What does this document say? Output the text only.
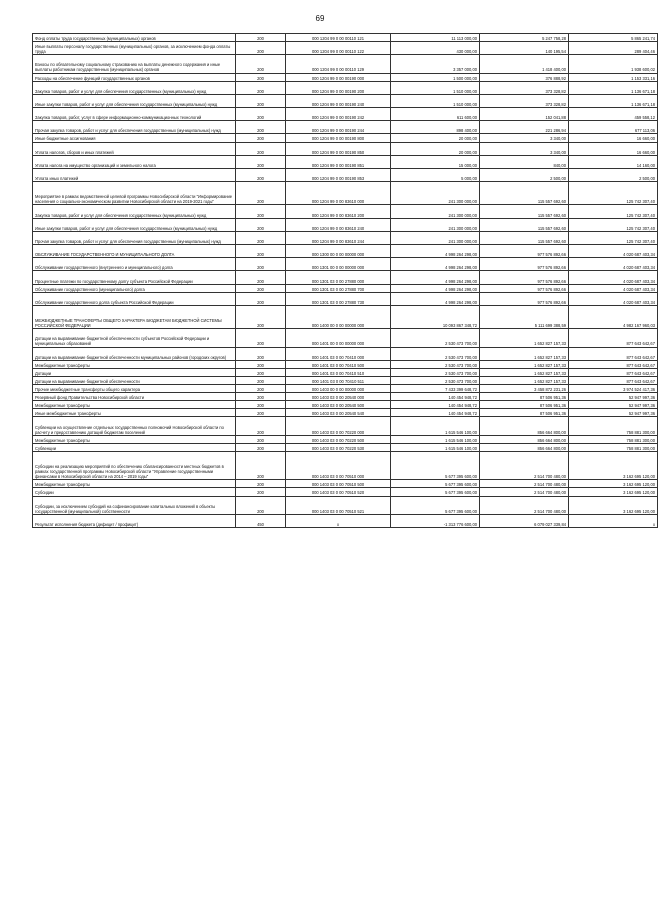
69
Фонд оплаты труда государственных (муниципальных) органов	200	000 1204 99 0 00 00110 121	11 113 000,00	5 247 758,28	5 865 241,74
Иные выплаты персоналу государственных (муниципальных) органов, за исключением фонда оплаты труда	200	000 1204 99 0 00 00110 122	430 000,00	140 195,54	289 404,46
Взносы по обязательному социальному страхованию на выплаты денежного содержания и иные выплаты работникам государственных (муниципальных) органов	200	000 1204 99 0 00 00110 129	3 357 000,00	1 418 400,00	1 938 600,02
Расходы на обеспечение функций государственных органов	200	000 1204 99 0 00 00190 000	1 500 000,00	376 888,92	1 153 331,16
Закупка товаров, работ и услуг для обеспечения государственных (муниципальных) нужд	200	000 1204 99 0 00 00190 200	1 510 000,00	373 328,82	1 136 671,18
Иные закупки товаров, работ и услуг для обеспечения государственных (муниципальных) нужд	200	000 1204 99 0 00 00190 240	1 510 000,00	373 328,82	1 136 671,18
Закупка товаров, работ, услуг в сфере информационно-коммуникационных технологий	200	000 1204 99 0 00 00190 242	611 600,00	152 041,88	459 558,12
Прочая закупка товаров, работ и услуг для обеспечения государственных (муниципальных) нужд	200	000 1204 99 0 00 00190 244	898 400,00	221 286,94	677 113,06
Иные бюджетные ассигнования	200	000 1204 99 0 00 00190 800	20 000,00	3 340,00	16 660,00
Уплата налогов, сборов и иных платежей	200	000 1204 99 0 00 00190 850	20 000,00	3 340,00	16 660,00
Уплата налога на имущество организаций и земельного налога	200	000 1204 99 0 00 00190 851	15 000,00	840,00	14 160,00
Уплата иных платежей	200	000 1204 99 0 00 00190 853	5 000,00	2 500,00	2 500,00
Мероприятие в рамках ведомственной целевой программы Новосибирской области "Информирование населения о социально-экономическом развитии Новосибирской области на 2019-2021 годы"	200	000 1204 99 0 00 83610 000	241 300 000,00	115 557 692,60	125 742 307,40
Закупка товаров, работ и услуг для обеспечения государственных (муниципальных) нужд	200	000 1204 99 0 00 83610 200	241 300 000,00	115 557 692,60	125 742 307,40
Иные закупки товаров, работ и услуг для обеспечения государственных (муниципальных) нужд	200	000 1204 99 0 00 83610 240	241 300 000,00	115 557 692,60	125 742 307,40
Прочая закупка товаров, работ и услуг для обеспечения государственных (муниципальных) нужд	200	000 1204 99 0 00 83610 244	241 300 000,00	115 557 692,60	125 742 307,40
ОБСЛУЖИВАНИЕ ГОСУДАРСТВЕННОГО И МУНИЦИПАЛЬНОГО ДОЛГА	200	000 1300 00 0 00 00000 000	4 998 264 298,00	977 576 892,66	4 020 687 403,34
Обслуживание государственного (внутреннего и муниципального) долга	200	000 1301 00 0 00 00000 000	4 998 264 298,00	977 576 892,66	4 020 687 403,34
Процентные платежи по государственному долгу субъекта Российской Федерации	200	000 1301 03 0 00 27880 000	4 998 264 298,00	977 576 892,66	4 020 687 403,34
Обслуживание государственного (муниципального) долга	200	000 1301 03 0 00 27880 700	4 998 264 298,00	977 576 892,66	4 020 687 403,34
Обслуживание государственного долга субъекта Российской Федерации	200	000 1301 03 0 00 27880 730	4 998 264 298,00	977 576 892,66	4 020 687 403,34
МЕЖБЮДЖЕТНЫЕ ТРАНСФЕРТЫ ОБЩЕГО ХАРАКТЕРА БЮДЖЕТАМ БЮДЖЕТНОЙ СИСТЕМЫ РОССИЙСКОЙ ФЕДЕРАЦИИ	200	000 1400 00 0 00 00000 000	10 093 867 348,72	5 111 699 388,59	4 982 167 960,03
Дотации на выравнивание бюджетной обеспеченности субъектов Российской Федерации и муниципальных образований	200	000 1401 00 0 00 00000 000	2 530 473 700,00	1 652 827 157,33	877 643 642,67
Дотации на выравнивание бюджетной обеспеченности муниципальных районов (городских округов)	200	000 1401 03 0 00 70410 000	2 530 473 700,00	1 652 827 157,33	877 643 642,67
Межбюджетные трансферты	200	000 1401 03 0 00 70410 500	2 530 473 700,00	1 652 827 157,33	877 643 642,67
Дотации	200	000 1401 03 0 00 70410 510	2 530 473 700,00	1 652 827 157,33	877 643 642,67
Дотации на выравнивание бюджетной обеспеченности	200	000 1401 03 0 00 70410 511	2 530 473 700,00	1 652 827 157,33	877 643 642,67
Прочие межбюджетные трансферты общего характера	200	000 1403 00 0 00 00000 000	7 433 399 648,72	3 458 872 231,26	3 974 524 417,36
Резервный фонд Правительства Новосибирской области	200	000 1403 03 0 00 20540 000	140 454 948,72	87 506 951,36	52 947 997,36
Межбюджетные трансферты	200	000 1403 03 0 00 20540 500	140 454 948,72	87 506 951,36	52 947 997,36
Иные межбюджетные трансферты	200	000 1403 03 0 00 20540 540	140 454 948,72	87 506 951,36	52 947 997,36
Субвенции на осуществление отдельных государственных полномочий Новосибирской области по расчету и предоставлению дотаций бюджетам поселений	200	000 1403 03 0 00 70220 000	1 615 546 100,00	856 664 800,00	758 881 300,00
Межбюджетные трансферты	200	000 1403 03 0 00 70220 500	1 615 546 100,00	856 664 800,00	758 881 300,00
Субвенции	200	000 1403 03 0 00 70220 530	1 615 546 100,00	856 664 800,00	758 881 300,00
Субсидии на реализацию мероприятий по обеспечению сбалансированности местных бюджетов в рамках государственной программы Новосибирской области "Управление государственными финансами в Новосибирской области на 2014 – 2019 годы"	200	000 1403 03 0 00 70510 000	5 677 395 600,00	2 514 700 480,00	3 162 695 120,00
Межбюджетные трансферты	200	000 1403 03 0 00 70510 500	5 677 395 600,00	2 514 700 480,00	3 162 695 120,00
Субсидии	200	000 1403 03 0 00 70510 520	5 677 395 600,00	2 514 700 480,00	3 162 695 120,00
Субсидии, за исключением субсидий на софинансирование капитальных вложений в объекты государственной (муниципальной) собственности	200	000 1403 03 0 00 70510 521	5 677 395 600,00	2 514 700 480,00	3 162 695 120,00
Результат исполнения бюджета (дефицит / профицит)	450	x	-1 313 776 600,00	6 079 027 339,84	x
